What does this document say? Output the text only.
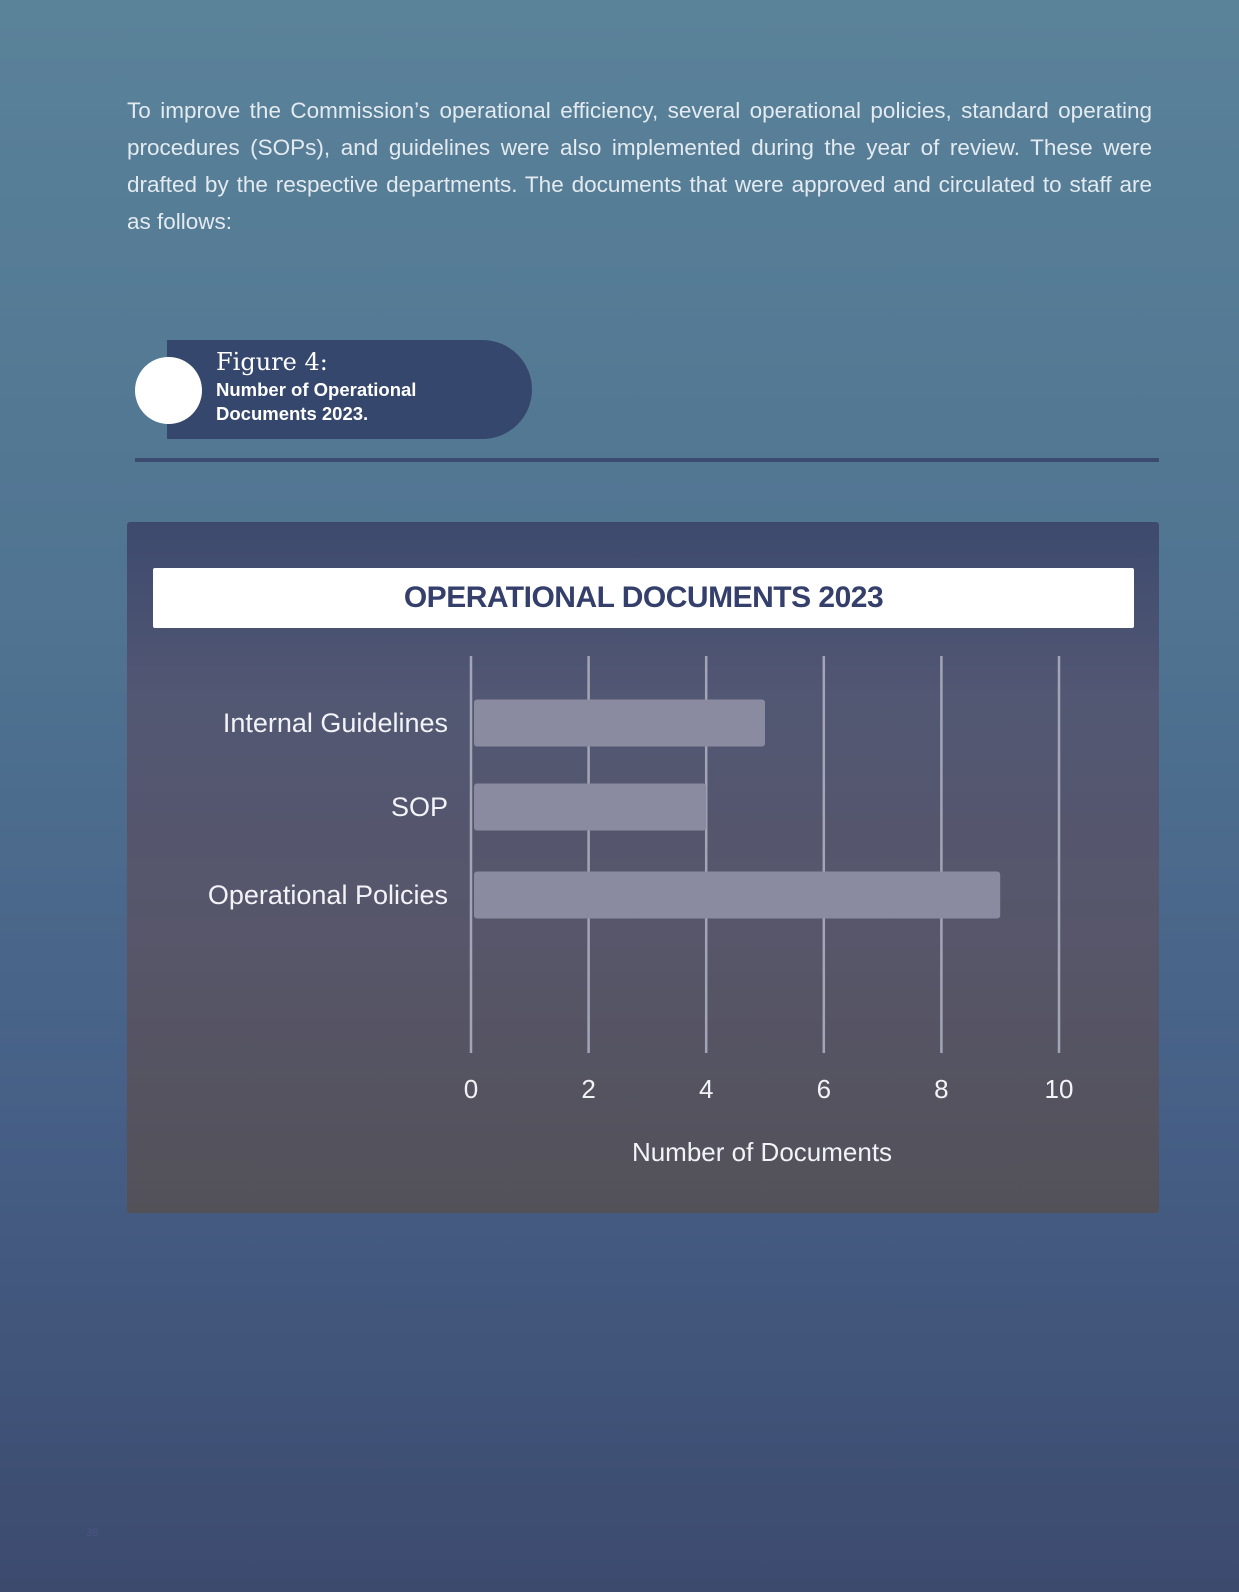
To improve the Commission’s operational efficiency, several operational policies, standard operating procedures (SOPs), and guidelines were also implemented during the year of review. These were drafted by the respective departments. The documents that were approved and circulated to staff are as follows:

Figure 4:
Number of Operational Documents 2023.
OPERATIONAL DOCUMENTS 2023
Internal Guidelines
SOP
Operational Policies
0	2	4	6	8	10
Number of Documents
38
